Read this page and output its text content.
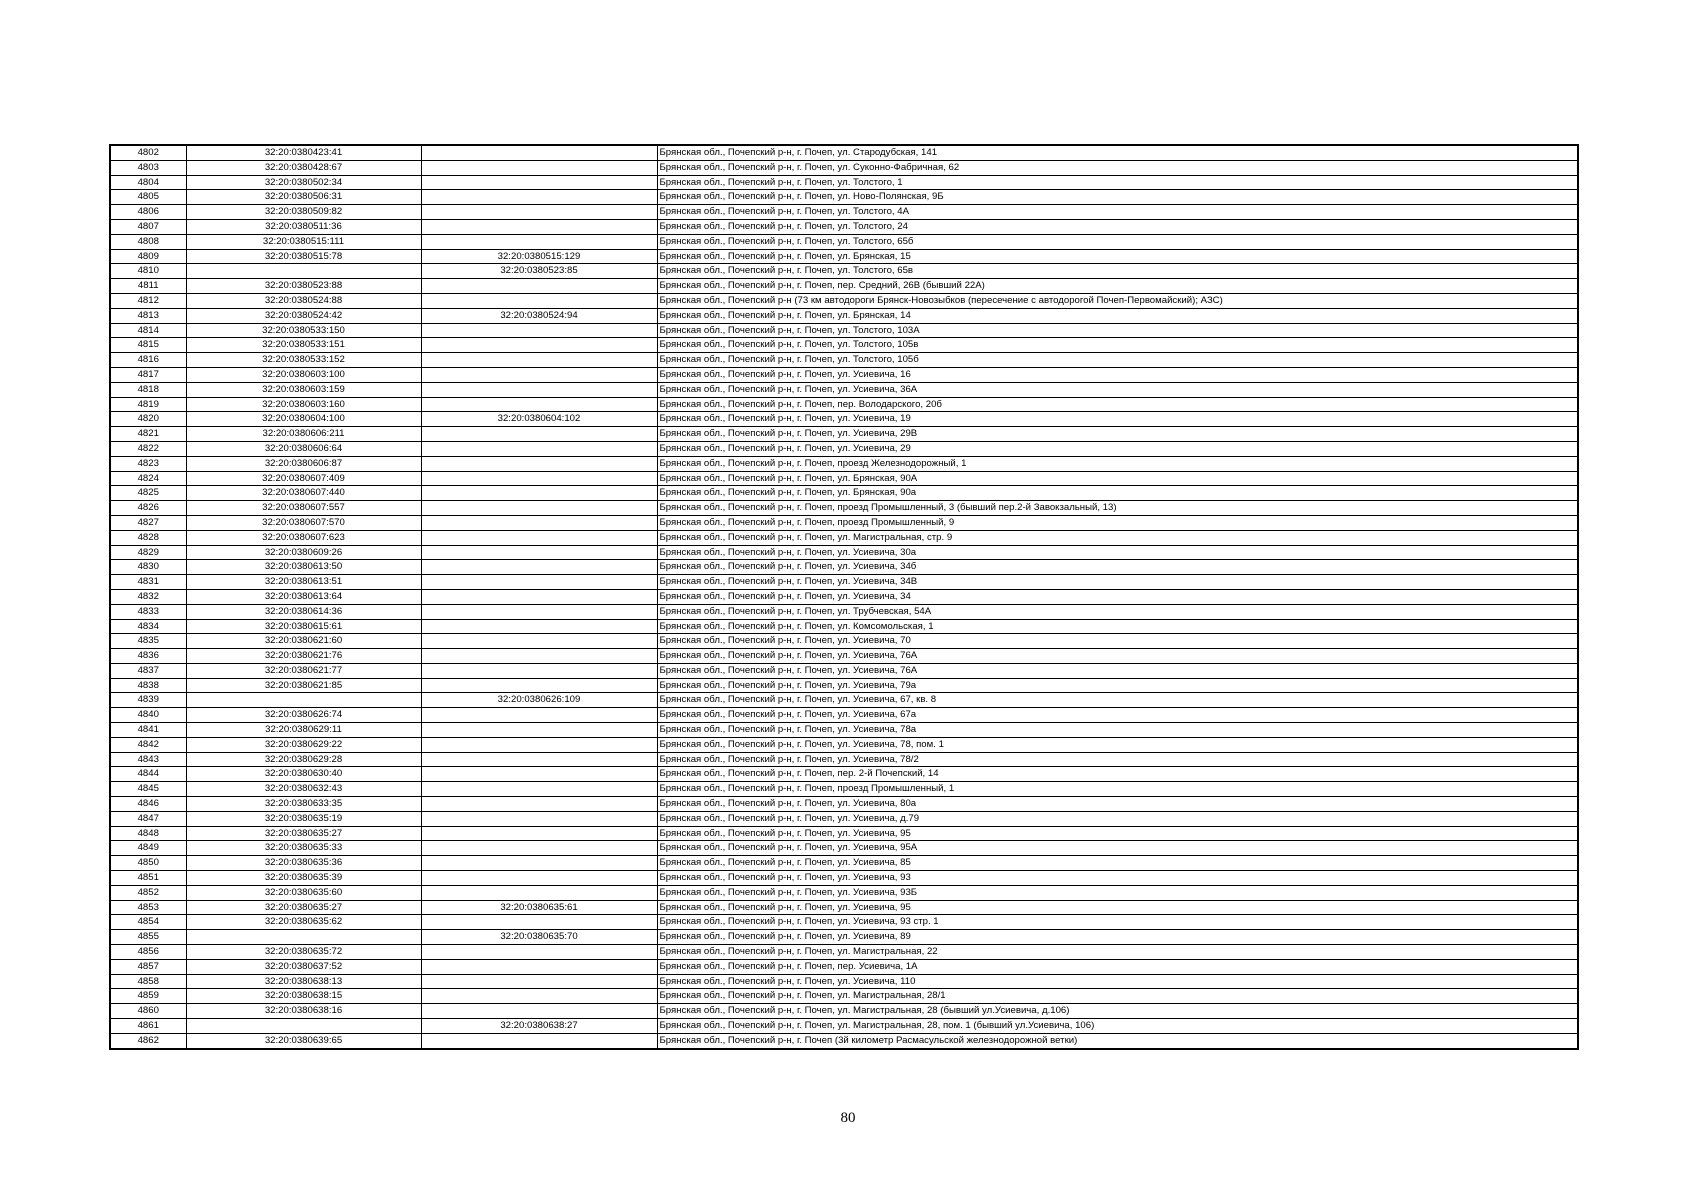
4802	32:20:0380423:41		Брянская обл., Почепский р-н, г. Почеп, ул. Стародубская, 141
4803	32:20:0380428:67		Брянская обл., Почепский р-н, г. Почеп, ул. Суконно-Фабричная, 62
4804	32:20:0380502:34		Брянская обл., Почепский р-н, г. Почеп, ул. Толстого, 1
4805	32:20:0380506:31		Брянская обл., Почепский р-н, г. Почеп, ул. Ново-Полянская, 9Б
4806	32:20:0380509:82		Брянская обл., Почепский р-н, г. Почеп, ул. Толстого, 4А
4807	32:20:0380511:36		Брянская обл., Почепский р-н, г. Почеп, ул. Толстого, 24
4808	32:20:0380515:111		Брянская обл., Почепский р-н, г. Почеп, ул. Толстого, 65б
4809	32:20:0380515:78	32:20:0380515:129	Брянская обл., Почепский р-н, г. Почеп, ул. Брянская, 15
4810		32:20:0380523:85	Брянская обл., Почепский р-н, г. Почеп, ул. Толстого, 65в
4811	32:20:0380523:88		Брянская обл., Почепский р-н, г. Почеп, пер. Средний, 26В (бывший 22А)
4812	32:20:0380524:88		Брянская обл., Почепский р-н (73 км автодороги Брянск-Новозыбков (пересечение с автодорогой Почеп-Первомайский); АЗС)
4813	32:20:0380524:42	32:20:0380524:94	Брянская обл., Почепский р-н, г. Почеп, ул. Брянская, 14
4814	32:20:0380533:150		Брянская обл., Почепский р-н, г. Почеп, ул. Толстого, 103А
4815	32:20:0380533:151		Брянская обл., Почепский р-н, г. Почеп, ул. Толстого, 105в
4816	32:20:0380533:152		Брянская обл., Почепский р-н, г. Почеп, ул. Толстого, 105б
4817	32:20:0380603:100		Брянская обл., Почепский р-н, г. Почеп, ул. Усиевича, 16
4818	32:20:0380603:159		Брянская обл., Почепский р-н, г. Почеп, ул. Усиевича, 36А
4819	32:20:0380603:160		Брянская обл., Почепский р-н, г. Почеп, пер. Володарского, 20б
4820	32:20:0380604:100	32:20:0380604:102	Брянская обл., Почепский р-н, г. Почеп, ул. Усиевича, 19
4821	32:20:0380606:211		Брянская обл., Почепский р-н, г. Почеп, ул. Усиевича, 29В
4822	32:20:0380606:64		Брянская обл., Почепский р-н, г. Почеп, ул. Усиевича, 29
4823	32:20:0380606:87		Брянская обл., Почепский р-н, г. Почеп, проезд Железнодорожный, 1
4824	32:20:0380607:409		Брянская обл., Почепский р-н, г. Почеп, ул. Брянская, 90А
4825	32:20:0380607:440		Брянская обл., Почепский р-н, г. Почеп, ул. Брянская, 90а
4826	32:20:0380607:557		Брянская обл., Почепский р-н, г. Почеп, проезд Промышленный, 3 (бывший пер.2-й Завокзальный, 13)
4827	32:20:0380607:570		Брянская обл., Почепский р-н, г. Почеп, проезд Промышленный, 9
4828	32:20:0380607:623		Брянская обл., Почепский р-н, г. Почеп, ул. Магистральная, стр. 9
4829	32:20:0380609:26		Брянская обл., Почепский р-н, г. Почеп, ул. Усиевича, 30а
4830	32:20:0380613:50		Брянская обл., Почепский р-н, г. Почеп, ул. Усиевича, 34б
4831	32:20:0380613:51		Брянская обл., Почепский р-н, г. Почеп, ул. Усиевича, 34В
4832	32:20:0380613:64		Брянская обл., Почепский р-н, г. Почеп, ул. Усиевича, 34
4833	32:20:0380614:36		Брянская обл., Почепский р-н, г. Почеп, ул. Трубчевская, 54А
4834	32:20:0380615:61		Брянская обл., Почепский р-н, г. Почеп, ул. Комсомольская, 1
4835	32:20:0380621:60		Брянская обл., Почепский р-н, г. Почеп, ул. Усиевича, 70
4836	32:20:0380621:76		Брянская обл., Почепский р-н, г. Почеп, ул. Усиевича, 76А
4837	32:20:0380621:77		Брянская обл., Почепский р-н, г. Почеп, ул. Усиевича, 76А
4838	32:20:0380621:85		Брянская обл., Почепский р-н, г. Почеп, ул. Усиевича, 79а
4839		32:20:0380626:109	Брянская обл., Почепский р-н, г. Почеп, ул. Усиевича, 67, кв. 8
4840	32:20:0380626:74		Брянская обл., Почепский р-н, г. Почеп, ул. Усиевича, 67а
4841	32:20:0380629:11		Брянская обл., Почепский р-н, г. Почеп, ул. Усиевича, 78а
4842	32:20:0380629:22		Брянская обл., Почепский р-н, г. Почеп, ул. Усиевича, 78, пом. 1
4843	32:20:0380629:28		Брянская обл., Почепский р-н, г. Почеп, ул. Усиевича, 78/2
4844	32:20:0380630:40		Брянская обл., Почепский р-н, г. Почеп, пер. 2-й Почепский, 14
4845	32:20:0380632:43		Брянская обл., Почепский р-н, г. Почеп, проезд Промышленный, 1
4846	32:20:0380633:35		Брянская обл., Почепский р-н, г. Почеп, ул. Усиевича, 80а
4847	32:20:0380635:19		Брянская обл., Почепский р-н, г. Почеп, ул. Усиевича, д.79
4848	32:20:0380635:27		Брянская обл., Почепский р-н, г. Почеп, ул. Усиевича, 95
4849	32:20:0380635:33		Брянская обл., Почепский р-н, г. Почеп, ул. Усиевича, 95А
4850	32:20:0380635:36		Брянская обл., Почепский р-н, г. Почеп, ул. Усиевича, 85
4851	32:20:0380635:39		Брянская обл., Почепский р-н, г. Почеп, ул. Усиевича, 93
4852	32:20:0380635:60		Брянская обл., Почепский р-н, г. Почеп, ул. Усиевича, 93Б
4853	32:20:0380635:27	32:20:0380635:61	Брянская обл., Почепский р-н, г. Почеп, ул. Усиевича, 95
4854	32:20:0380635:62		Брянская обл., Почепский р-н, г. Почеп, ул. Усиевича, 93 стр. 1
4855		32:20:0380635:70	Брянская обл., Почепский р-н, г. Почеп, ул. Усиевича, 89
4856	32:20:0380635:72		Брянская обл., Почепский р-н, г. Почеп, ул. Магистральная, 22
4857	32:20:0380637:52		Брянская обл., Почепский р-н, г. Почеп, пер. Усиевича, 1А
4858	32:20:0380638:13		Брянская обл., Почепский р-н, г. Почеп, ул. Усиевича, 110
4859	32:20:0380638:15		Брянская обл., Почепский р-н, г. Почеп, ул. Магистральная, 28/1
4860	32:20:0380638:16		Брянская обл., Почепский р-н, г. Почеп, ул. Магистральная, 28 (бывший ул.Усиевича, д.106)
4861		32:20:0380638:27	Брянская обл., Почепский р-н, г. Почеп, ул. Магистральная, 28, пом. 1 (бывший ул.Усиевича, 106)
4862	32:20:0380639:65		Брянская обл., Почепский р-н, г. Почеп (3й километр Расмасульской железнодорожной ветки)
80
